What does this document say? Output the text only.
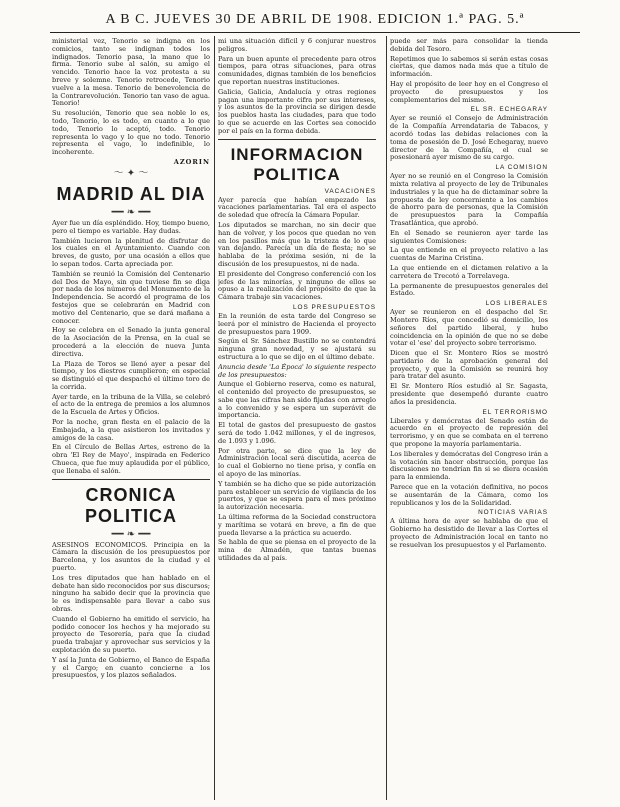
A B C. JUEVES 30 DE ABRIL DE 1908. EDICION 1.ª PAG. 5.ª

ministerial vez, Tenorio se indigna en los comicios, tanto se indignan todos los indignados. Tenorio pasa, la mano que lo firma. Tenorio sube al salón, su amigo el vencido. Tenorio hace la voz protesta a su breve y solemne. Tenorio retrocede, Tenorio vuelve a la mesa. Tenorio de benevolencia de la Contrarevolución. Tenorio tan vaso de agua. Tenorio!

Su resolución, Tenorio que sea noble lo es, todo, Tenorio, lo es todo, en cuanto a lo que todo, Tenorio lo aceptó, todo. Tenorio representa lo vago y lo que no todo. Tenorio representa el vago, lo indefinible, lo incoherente.

AZORIN
〜 ✦ 〜
MADRID AL DIA
━━ ❧ ━━

Ayer fue un día espléndido. Hoy, tiempo bueno, pero el tiempo es variable. Hay dudas.

También lucieron la plenitud de disfrutar de los cuales en el Ayuntamiento. Cuando con breves, de gusto, por una ocasión a ellos que lo sepan todos. Carta apreciada por.

También se reunió la Comisión del Centenario del Dos de Mayo, sin que tuviese fin se diga por nada de los números del Monumento de la Independencia. Se acordó el programa de los festejos que se celebrarán en Madrid con motivo del Centenario, que se dará mañana a conocer.

Hoy se celebra en el Senado la junta general de la Asociación de la Prensa, en la cual se procederá a la elección de nueva Junta directiva.

La Plaza de Toros se llenó ayer a pesar del tiempo, y los diestros cumplieron; en especial se distinguió el que despachó el último toro de la corrida.

Ayer tarde, en la tribuna de la Villa, se celebró el acto de la entrega de premios a los alumnos de la Escuela de Artes y Oficios.

Por la noche, gran fiesta en el palacio de la Embajada, a la que asistieron los invitados y amigos de la casa.

En el Círculo de Bellas Artes, estreno de la obra 'El Rey de Mayo', inspirada en Federico Chueca, que fue muy aplaudida por el público, que llenaba el salón.

CRONICA POLITICA
━━ ❧ ━━

ASESINOS ECONOMICOS. Principia en la Cámara la discusión de los presupuestos por Barcelona, y los asuntos de la ciudad y el puerto.

Los tres diputados que han hablado en el debate han sido reconocidos por sus discursos; ninguno ha sabido decir que la provincia que le es indispensable para llevar a cabo sus obras.

Cuando el Gobierno ha emitido el servicio, ha podido conocer los hechos y ha mejorado su proyecto de Tesorería, para que la ciudad pueda trabajar y aprovechar sus servicios y la explotación de su puerto.

Y así la Junta de Gobierno, el Banco de España y el Cargo; en cuanto concierne a los presupuestos, y los plazos señalados.

mi una situación difícil y 6 conjurar nuestros peligros.

Para un buen apunte el precedente para otros tiempos, para otras situaciones, para otras comunidades, dignas también de los beneficios que reportan nuestras instituciones.

Galicia, Galicia, Andalucía y otras regiones pagan una importante cifra por sus intereses, y los asuntos de la provincia se dirigen desde los pueblos hasta las ciudades, para que todo lo que se acuerde en las Cortes sea conocido por el país en la forma debida.

INFORMACION POLITICA
VACACIONES

Ayer parecía que habían empezado las vacaciones parlamentarias. Tal era el aspecto de soledad que ofrecía la Cámara Popular.

Los diputados se marchan, no sin decir que han de volver, y los pocos que quedan no ven en los pasillos más que la tristeza de lo que van dejando. Parecía un día de fiesta; no se hablaba de la próxima sesión, ni de la discusión de los presupuestos, ni de nada.

El presidente del Congreso conferenció con los jefes de las minorías, y ninguno de ellos se opuso a la realización del propósito de que la Cámara trabaje sin vacaciones.

LOS PRESUPUESTOS

En la reunión de esta tarde del Congreso se leerá por el ministro de Hacienda el proyecto de presupuestos para 1909.

Según el Sr. Sánchez Bustillo no se contendrá ninguna gran novedad, y se ajustará su estructura a lo que se dijo en el último debate.

Anuncia desde 'La Época' lo siguiente respecto de los presupuestos:

Aunque el Gobierno reserva, como es natural, el contenido del proyecto de presupuestos, se sabe que las cifras han sido fijadas con arreglo a lo convenido y se espera un superávit de importancia.

El total de gastos del presupuesto de gastos será de todo 1.042 millones, y el de ingresos, de 1.093 y 1.096.

Por otra parte, se dice que la ley de Administración local será discutida, acerca de lo cual el Gobierno no tiene prisa, y confía en el apoyo de las minorías.

Y también se ha dicho que se pide autorización para establecer un servicio de vigilancia de los puertos, y que se espera para el mes próximo la autorización necesaria.

La última reforma de la Sociedad constructora y marítima se votará en breve, a fin de que pueda llevarse a la práctica su acuerdo.

Se habla de que se piensa en el proyecto de la mina de Almadén, que tantas buenas utilidades da al país.

puede ser más para consolidar la tienda debida del Tesoro.

Repetimos que lo sabemos si serán estas cosas ciertas, que damos nada más que a título de información.

Hay el propósito de leer hoy en el Congreso el proyecto de presupuestos y los complementarios del mismo.

EL SR. ECHEGARAY

Ayer se reunió el Consejo de Administración de la Compañía Arrendataria de Tabacos, y acordó todas las debidas relaciones con la toma de posesión de D. José Echegaray, nuevo director de la Compañía, el cual se posesionará ayer mismo de su cargo.

LA COMISION

Ayer no se reunió en el Congreso la Comisión mixta relativa al proyecto de ley de Tribunales industriales y la que ha de dictaminar sobre la propuesta de ley concerniente a los cambios de ahorro para de personas, que la Comisión de presupuestos para la Compañía Trasatlántica, que aprobó.

En el Senado se reunieron ayer tarde las siguientes Comisiones:

La que entiende en el proyecto relativo a las cuentas de Marina Cristina.

La que entiende en el dictamen relativo a la carretera de Trecotó a Torrelavega.

La permanente de presupuestos generales del Estado.

LOS LIBERALES

Ayer se reunieron en el despacho del Sr. Montero Ríos, que concedió su domicilio, los señores del partido liberal, y hubo coincidencia en la opinión de que no se debe votar el 'ese' del proyecto sobre terrorismo.

Dicen que el Sr. Montero Ríos se mostró partidario de la aprobación general del proyecto, y que la Comisión se reunirá hoy para tratar del asunto.

El Sr. Montero Ríos estudió al Sr. Sagasta, presidente que desempeñó durante cuatro años la presidencia.

EL TERRORISMO

Liberales y demócratas del Senado están de acuerdo en el proyecto de represión del terrorismo, y en que se combata en el terreno que propone la mayoría parlamentaria.

Los liberales y demócratas del Congreso irán a la votación sin hacer obstrucción, porque las discusiones no tendrían fin si se diera ocasión para la enmienda.

Parece que en la votación definitiva, no pocos se ausentarán de la Cámara, como los republicanos y los de la Solidaridad.

NOTICIAS VARIAS

A última hora de ayer se hablaba de que el Gobierno ha desistido de llevar a las Cortes el proyecto de Administración local en tanto no se resuelvan los presupuestos y el Parlamento.
